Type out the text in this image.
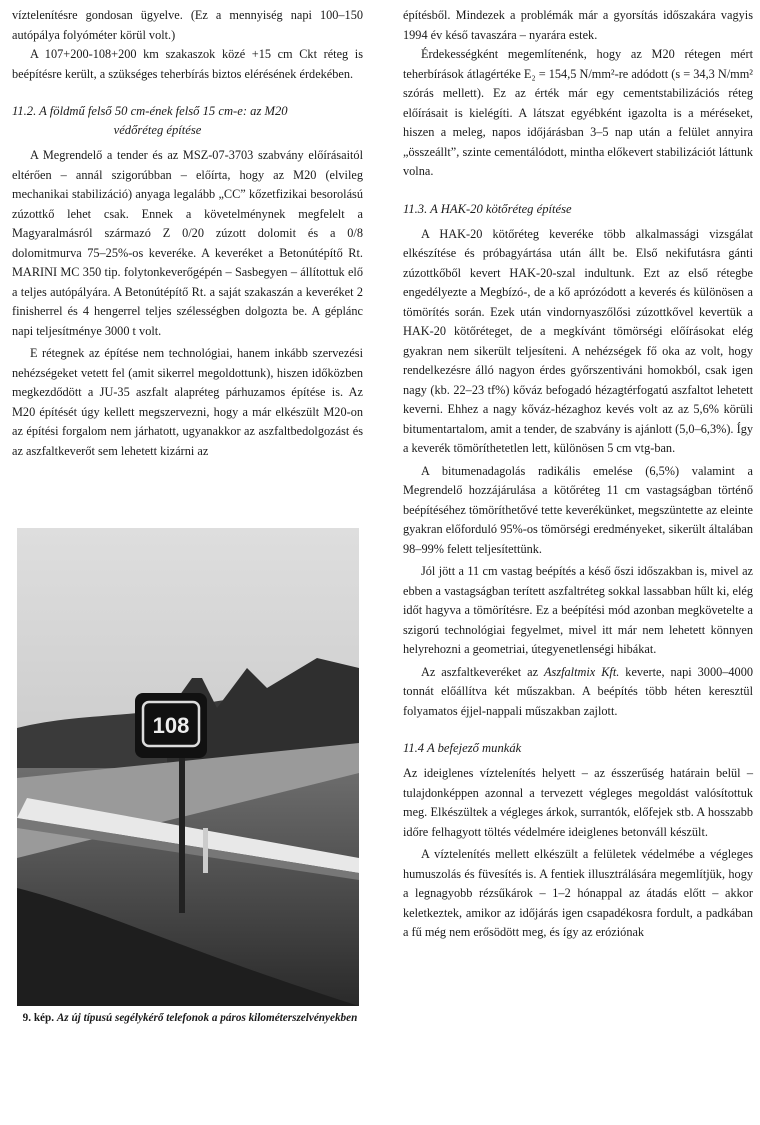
víztelenítésre gondosan ügyelve. (Ez a mennyiség napi 100–150 autópálya folyóméter körül volt.)

A 107+200-108+200 km szakaszok közé +15 cm Ckt réteg is beépítésre került, a szükséges teherbírás biztos elérésének érdekében.

11.2. A földmű felső 50 cm-ének felső 15 cm-e: az M20
védőréteg építése

A Megrendelő a tender és az MSZ-07-3703 szabvány előírásaitól eltérően – annál szigorúbban – előírta, hogy az M20 (elvileg mechanikai stabilizáció) anyaga legalább „CC” kőzetfizikai besorolású zúzottkő lehet csak. Ennek a követelménynek megfelelt a Magyaralmásról származó Z 0/20 zúzott dolomit és a 0/8 dolomitmurva 75–25%-os keveréke. A keveréket a Betonútépítő Rt. MARINI MC 350 tip. folytonkeverőgépén – Sasbegyen – állítottuk elő a teljes autópályára. A Betonútépítő Rt. a saját szakaszán a keveréket 2 finisherrel és 4 hengerrel teljes szélességben dolgozta be. A géplánc napi teljesítménye 3000 t volt.

E rétegnek az építése nem technológiai, hanem inkább szervezési nehézségeket vetett fel (amit sikerrel megoldottunk), hiszen időközben megkezdődött a JU-35 aszfalt alapréteg párhuzamos építése is. Az M20 építését úgy kellett megszervezni, hogy a már elkészült M20-on az építési forgalom nem járhatott, ugyanakkor az aszfaltbedolgozást és az aszfaltkeverőt sem lehetett kizárni az

108
9. kép. Az új típusú segélykérő telefonok a páros kilométerszelvényekben

építésből. Mindezek a problémák már a gyorsítás időszakára vagyis 1994 év késő tavaszára – nyarára estek.

Érdekességként megemlítenénk, hogy az M20 rétegen mért teherbírások átlagértéke E₂ = 154,5 N/mm²-re adódott (s = 34,3 N/mm² szórás mellett). Ez az érték már egy cementstabilizációs réteg előírásait is kielégíti. A látszat egyébként igazolta is a méréseket, hiszen a meleg, napos időjárásban 3–5 nap után a felület annyira „összeállt”, szinte cementálódott, mintha előkevert stabilizációt láttunk volna.

11.3. A HAK-20 kötőréteg építése

A HAK-20 kötőréteg keveréke több alkalmassági vizsgálat elkészítése és próbagyártása után állt be. Első nekifutásra gánti zúzottkőből kevert HAK-20-szal indultunk. Ezt az első rétegbe engedélyezte a Megbízó-, de a kő aprózódott a keverés és különösen a tömörítés során. Ezek után vindornyaszőlősi zúzottkővel kevertük a HAK-20 kötőréteget, de a megkívánt tömörségi előírásokat elég gyakran nem sikerült teljesíteni. A nehézségek fő oka az volt, hogy rendelkezésre álló nagyon érdes győrszentiváni homokból, csak igen nagy (kb. 22–23 tf%) kőváz befogadó hézagtérfogatú aszfaltot lehetett keverni. Ehhez a nagy kőváz-hézaghoz kevés volt az az 5,6% körüli bitumentartalom, amit a tender, de szabvány is ajánlott (5,0–6,3%). Így a keverék tömöríthetetlen lett, különösen 5 cm vtg-ban.

A bitumenadagolás radikális emelése (6,5%) valamint a Megrendelő hozzájárulása a kötőréteg 11 cm vastagságban történő beépítéséhez tömöríthetővé tette keverékünket, megszüntette az eleinte gyakran előforduló 95%-os tömörségi eredményeket, sikerült általában 98–99% felett teljesítettünk.

Jól jött a 11 cm vastag beépítés a késő őszi időszakban is, mivel az ebben a vastagságban terített aszfaltréteg sokkal lassabban hűlt ki, elég időt hagyva a tömörítésre. Ez a beépítési mód azonban megkövetelte a szigorú technológiai fegyelmet, mivel itt már nem lehetett könnyen helyrehozni a geometriai, útegyenetlenségi hibákat.

Az aszfaltkeveréket az Aszfaltmix Kft. keverte, napi 3000–4000 tonnát előállítva két műszakban. A beépítés több héten keresztül folyamatos éjjel-nappali műszakban zajlott.

11.4 A befejező munkák

Az ideiglenes víztelenítés helyett – az ésszerűség határain belül – tulajdonképpen azonnal a tervezett végleges megoldást valósítottuk meg. Elkészültek a végleges árkok, surrantók, előfejek stb. A hosszabb időre felhagyott töltés védelmére ideiglenes betonváll készült.

A víztelenítés mellett elkészült a felületek védelmébe a végleges humuszolás és füvesítés is. A fentiek illusztrálására megemlítjük, hogy a legnagyobb rézsűkárok – 1–2 hónappal az átadás előtt – akkor keletkeztek, amikor az időjárás igen csapadékosra fordult, a padkában a fű még nem erősödött meg, és így az eróziónak
